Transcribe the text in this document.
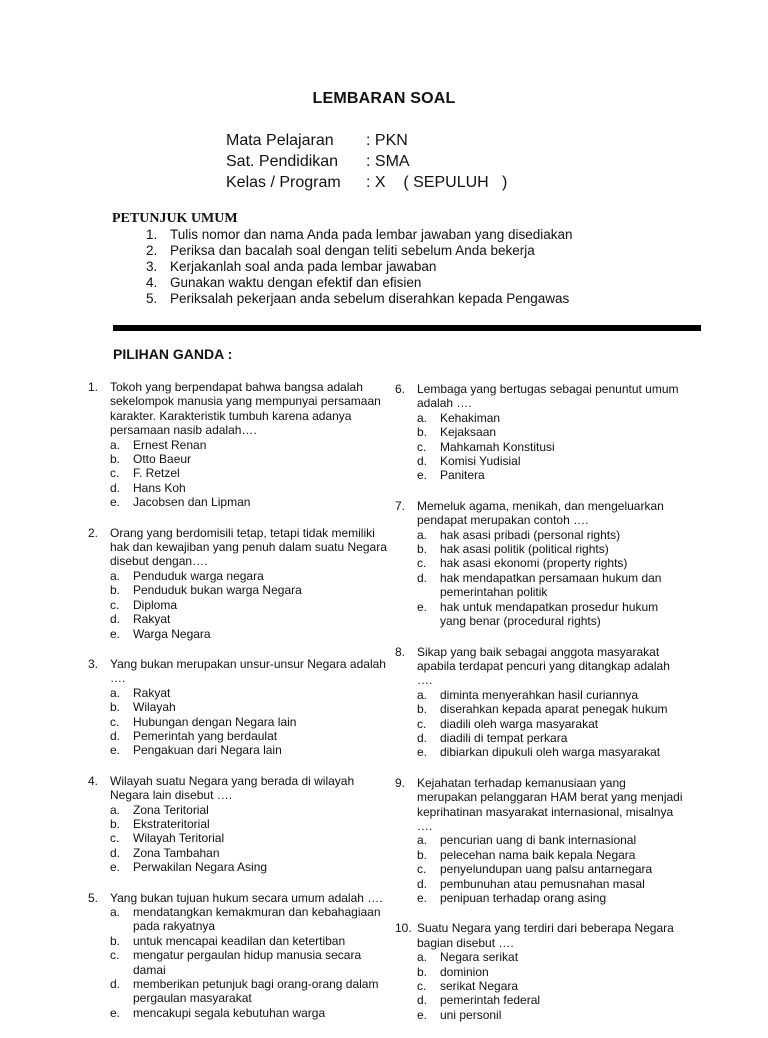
LEMBARAN SOAL
Mata Pelajaran	: PKN
Sat. Pendidikan	: SMA
Kelas / Program	: X    ( SEPULUH   )
PETUNJUK UMUM
1. Tulis nomor dan nama Anda pada lembar jawaban yang disediakan
2. Periksa dan bacalah soal dengan teliti sebelum Anda bekerja
3. Kerjakanlah soal anda pada lembar jawaban
4. Gunakan waktu dengan efektif dan efisien
5. Periksalah pekerjaan anda sebelum diserahkan kepada Pengawas
PILIHAN GANDA :
1. Tokoh yang berpendapat bahwa bangsa adalah sekelompok manusia yang mempunyai persamaan karakter. Karakteristik tumbuh karena adanya persamaan nasib adalah….
a.	Ernest Renan
b.	Otto Baeur
c.	F. Retzel
d.	Hans Koh
e.	Jacobsen dan Lipman
2. Orang yang berdomisili tetap, tetapi tidak memiliki hak dan kewajiban yang penuh dalam suatu Negara disebut dengan….
a.	Penduduk warga negara
b.	Penduduk bukan warga Negara
c.	Diploma
d.	Rakyat
e.	Warga Negara
3. Yang bukan merupakan unsur-unsur Negara adalah ….
a.	Rakyat
b.	Wilayah
c.	Hubungan dengan Negara lain
d.	Pemerintah yang berdaulat
e.	Pengakuan dari Negara lain
4. Wilayah suatu Negara yang berada di wilayah Negara lain disebut ….
a.	Zona Teritorial
b.	Ekstrateritorial
c.	Wilayah Teritorial
d.	Zona Tambahan
e.	Perwakilan Negara Asing
5. Yang bukan tujuan hukum secara umum adalah ….
a.	mendatangkan kemakmuran dan kebahagiaan pada rakyatnya
b.	untuk mencapai keadilan dan ketertiban
c.	mengatur pergaulan hidup manusia secara damai
d.	memberikan petunjuk bagi orang-orang dalam pergaulan masyarakat
e.	mencakupi segala kebutuhan warga
6. Lembaga yang bertugas sebagai penuntut umum adalah ….
a.	Kehakiman
b.	Kejaksaan
c.	Mahkamah Konstitusi
d.	Komisi Yudisial
e.	Panitera
7. Memeluk agama, menikah, dan mengeluarkan pendapat merupakan contoh ….
a.	hak asasi pribadi (personal rights)
b.	hak asasi politik (political rights)
c.	hak asasi ekonomi (property rights)
d.	hak mendapatkan persamaan hukum dan pemerintahan politik
e.	hak untuk mendapatkan prosedur hukum yang benar (procedural rights)
8. Sikap yang baik sebagai anggota masyarakat apabila terdapat pencuri yang ditangkap adalah ….
a.	diminta menyerahkan hasil curiannya
b.	diserahkan kepada aparat penegak hukum
c.	diadili oleh warga masyarakat
d.	diadili di tempat perkara
e.	dibiarkan dipukuli oleh warga masyarakat
9. Kejahatan terhadap kemanusiaan yang merupakan pelanggaran HAM berat yang menjadi keprihatinan masyarakat internasional, misalnya ….
a.	pencurian uang di bank internasional
b.	pelecehan nama baik kepala Negara
c.	penyelundupan uang palsu antarnegara
d.	pembunuhan atau pemusnahan masal
e.	penipuan terhadap orang asing
10. Suatu Negara yang terdiri dari beberapa Negara bagian disebut ….
a.	Negara serikat
b.	dominion
c.	serikat Negara
d.	pemerintah federal
e.	uni personil
